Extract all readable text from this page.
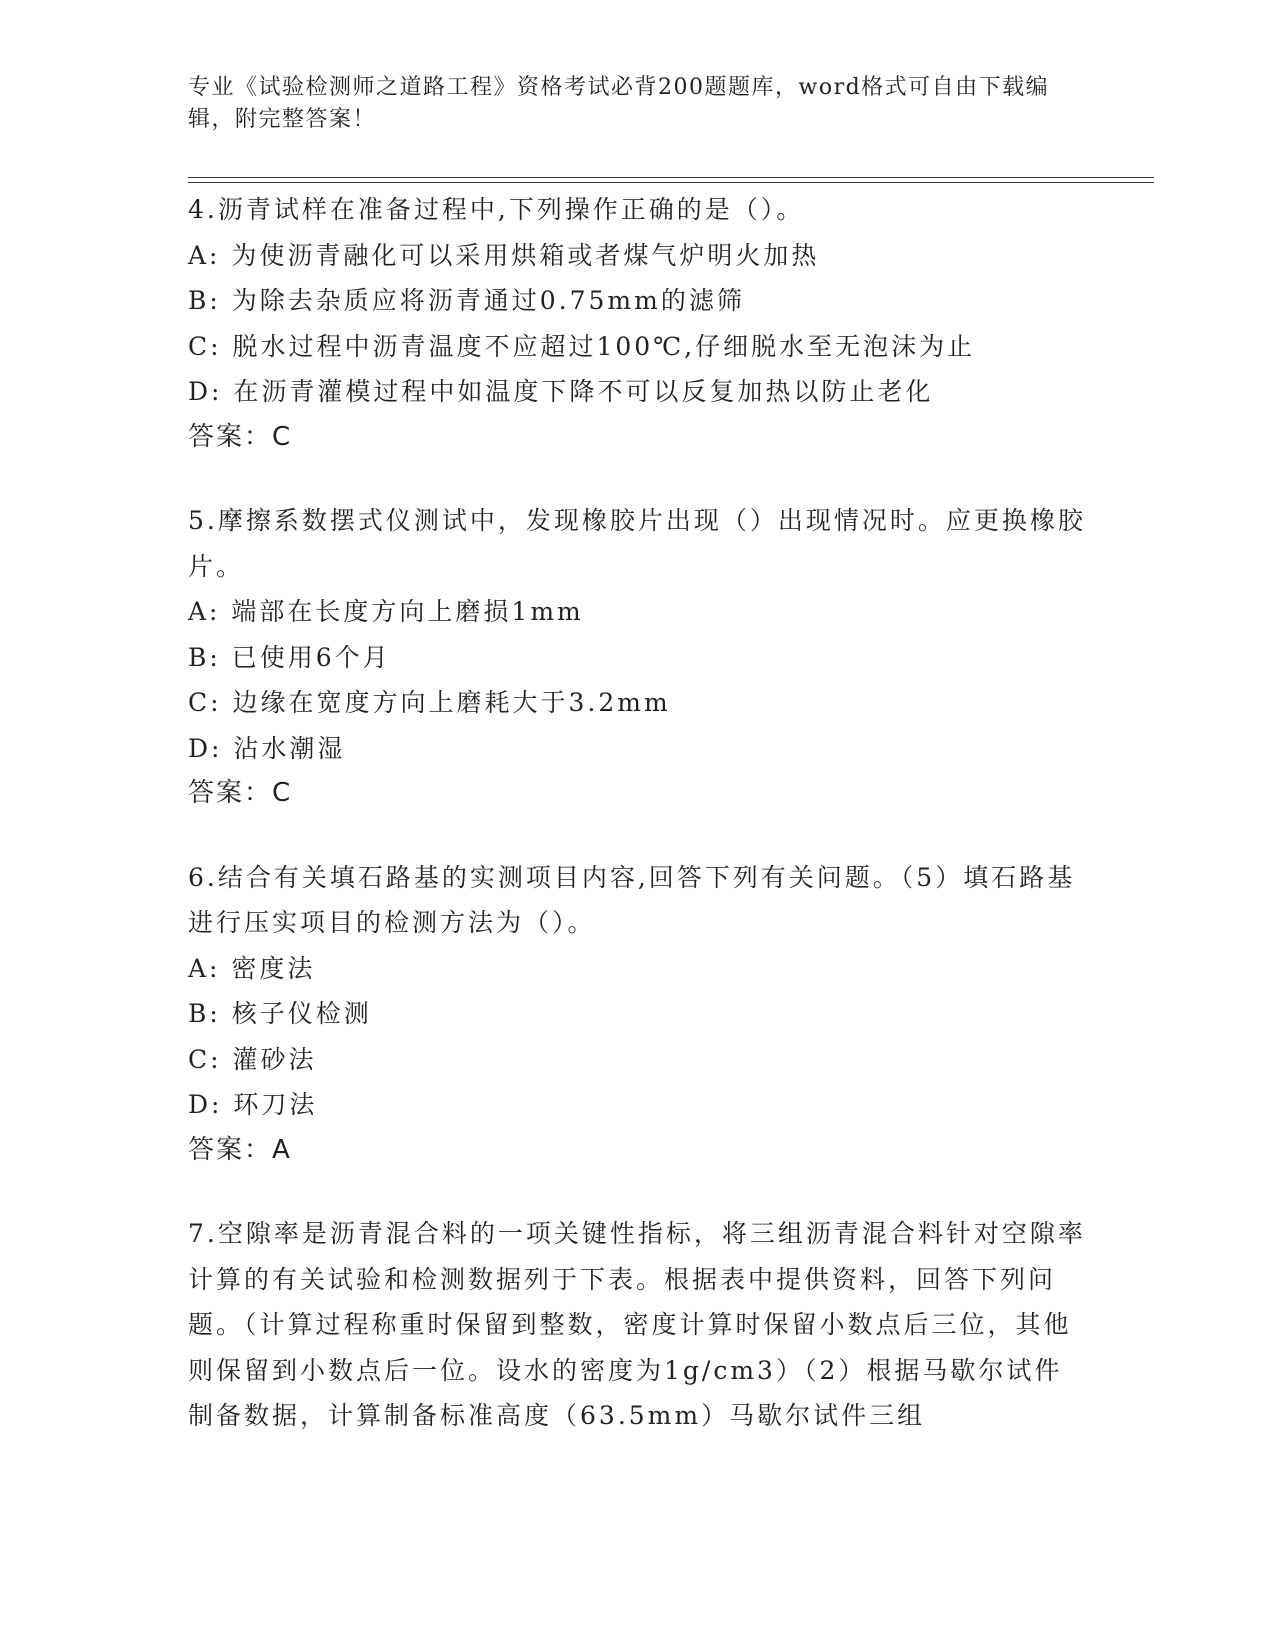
专业《试验检测师之道路工程》资格考试必背200题题库，word格式可自由下载编辑，附完整答案！

4.沥青试样在准备过程中,下列操作正确的是（）。

A: 为使沥青融化可以采用烘箱或者煤气炉明火加热

B: 为除去杂质应将沥青通过0.75mm的滤筛

C: 脱水过程中沥青温度不应超过100℃,仔细脱水至无泡沫为止

D: 在沥青灌模过程中如温度下降不可以反复加热以防止老化

答案：C

5.摩擦系数摆式仪测试中，发现橡胶片出现（）出现情况时。应更换橡胶片。

A: 端部在长度方向上磨损1mm

B: 已使用6个月

C: 边缘在宽度方向上磨耗大于3.2mm

D: 沾水潮湿

答案：C

6.结合有关填石路基的实测项目内容,回答下列有关问题。（5）填石路基进行压实项目的检测方法为（）。

A: 密度法

B: 核子仪检测

C: 灌砂法

D: 环刀法

答案：A

7.空隙率是沥青混合料的一项关键性指标，将三组沥青混合料针对空隙率计算的有关试验和检测数据列于下表。根据表中提供资料，回答下列问题。（计算过程称重时保留到整数，密度计算时保留小数点后三位，其他则保留到小数点后一位。设水的密度为1g/cm3）（2）根据马歇尔试件制备数据，计算制备标准高度（63.5mm）马歇尔试件三组
